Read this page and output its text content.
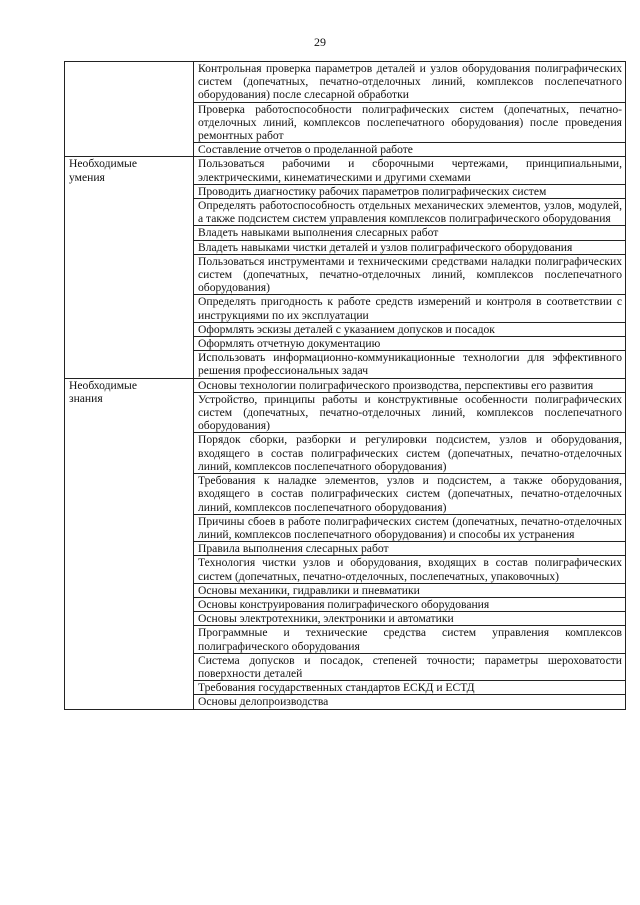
29
	Контрольная проверка параметров деталей и узлов оборудования полиграфических систем (допечатных, печатно-отделочных линий, комплексов послепечатного оборудования) после слесарной обработки
	Проверка работоспособности полиграфических систем (допечатных, печатно-отделочных линий, комплексов послепечатного оборудования) после проведения ремонтных работ
	Составление отчетов о проделанной работе

Необходимые умения	Пользоваться рабочими и сборочными чертежами, принципиальными, электрическими, кинематическими и другими схемами
	Проводить диагностику рабочих параметров полиграфических систем
	Определять работоспособность отдельных механических элементов, узлов, модулей, а также подсистем систем управления комплексов полиграфического оборудования
	Владеть навыками выполнения слесарных работ
	Владеть навыками чистки деталей и узлов полиграфического оборудования
	Пользоваться инструментами и техническими средствами наладки полиграфических систем (допечатных, печатно-отделочных линий, комплексов послепечатного оборудования)
	Определять пригодность к работе средств измерений и контроля в соответствии с инструкциями по их эксплуатации
	Оформлять эскизы деталей с указанием допусков и посадок
	Оформлять отчетную документацию
	Использовать информационно-коммуникационные технологии для эффективного решения профессиональных задач

Необходимые знания	Основы технологии полиграфического производства, перспективы его развития
	Устройство, принципы работы и конструктивные особенности полиграфических систем (допечатных, печатно-отделочных линий, комплексов послепечатного оборудования)
	Порядок сборки, разборки и регулировки подсистем, узлов и оборудования, входящего в состав полиграфических систем (допечатных, печатно-отделочных линий, комплексов послепечатного оборудования)
	Требования к наладке элементов, узлов и подсистем, а также оборудования, входящего в состав полиграфических систем (допечатных, печатно-отделочных линий, комплексов послепечатного оборудования)
	Причины сбоев в работе полиграфических систем (допечатных, печатно-отделочных линий, комплексов послепечатного оборудования) и способы их устранения
	Правила выполнения слесарных работ
	Технология чистки узлов и оборудования, входящих в состав полиграфических систем (допечатных, печатно-отделочных, послепечатных, упаковочных)
	Основы механики, гидравлики и пневматики
	Основы конструирования полиграфического оборудования
	Основы электротехники, электроники и автоматики
	Программные и технические средства систем управления комплексов полиграфического оборудования
	Система допусков и посадок, степеней точности; параметры шероховатости поверхности деталей
	Требования государственных стандартов ЕСКД и ЕСТД
	Основы делопроизводства
